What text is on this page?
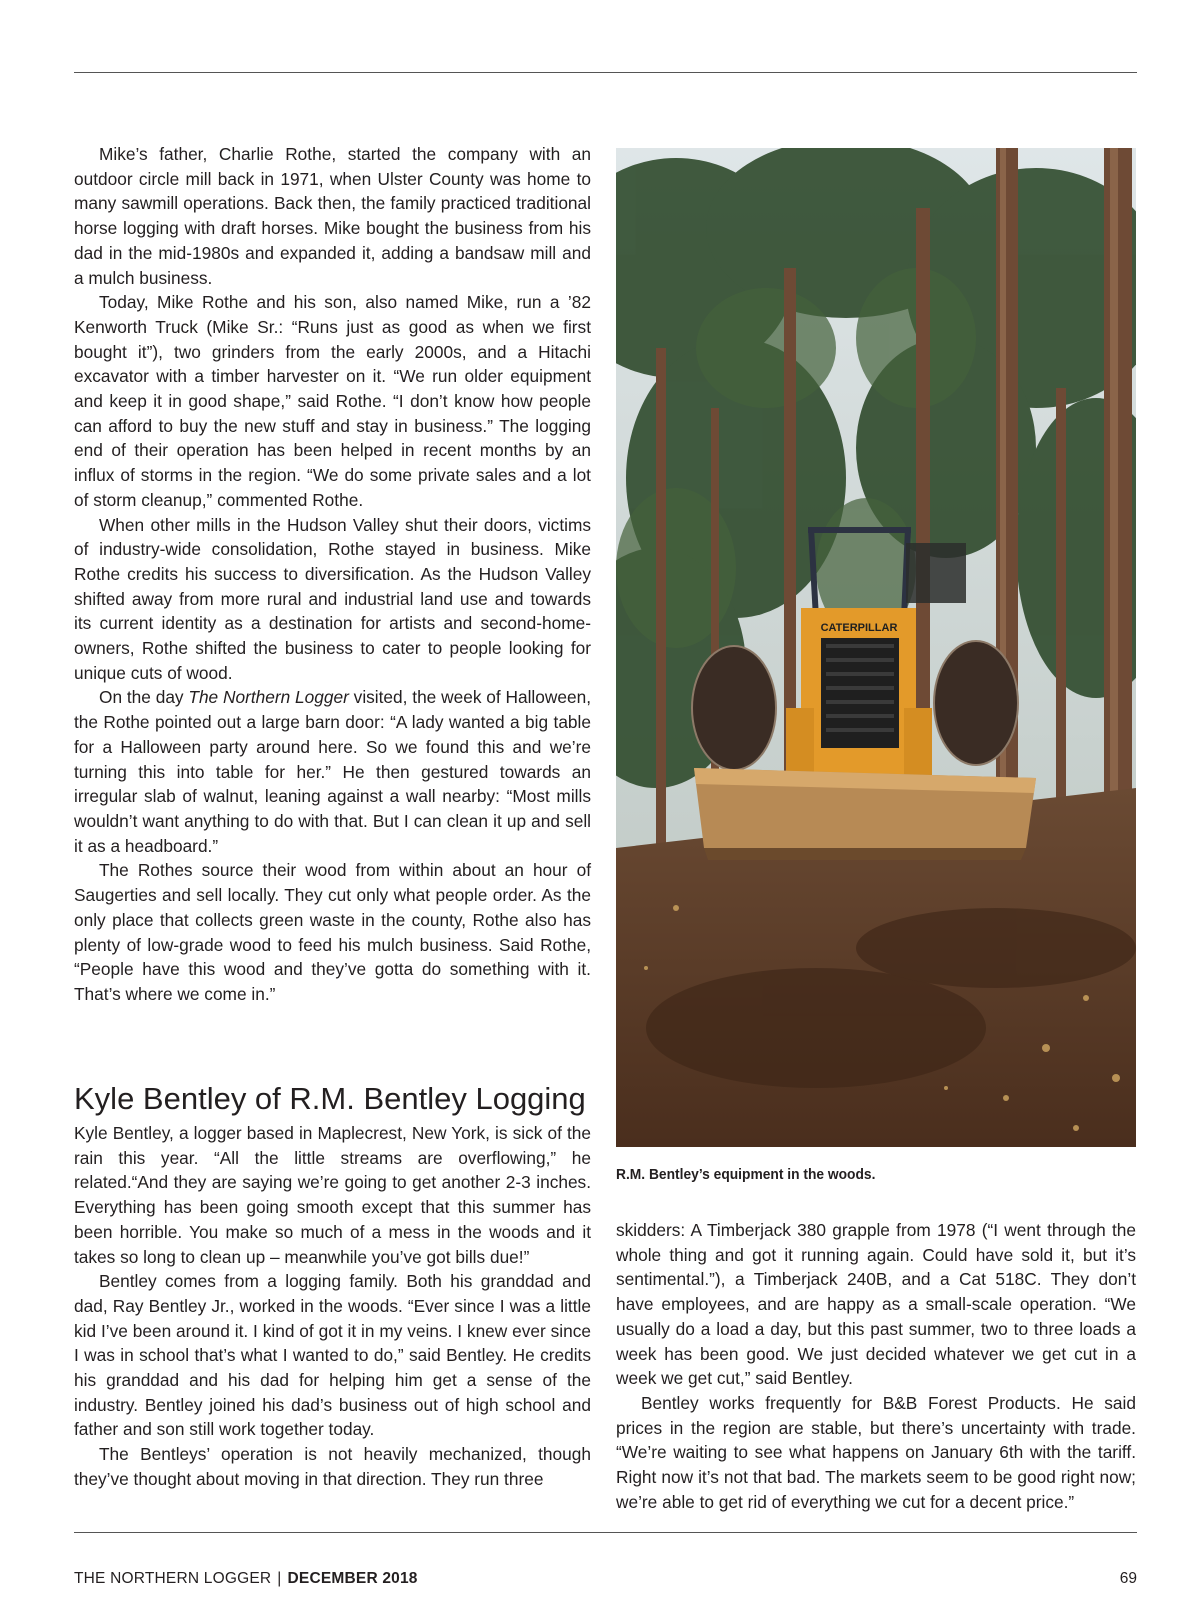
Mike’s father, Charlie Rothe, started the company with an outdoor circle mill back in 1971, when Ulster County was home to many sawmill operations. Back then, the family practiced traditional horse logging with draft horses. Mike bought the business from his dad in the mid-1980s and expanded it, adding a bandsaw mill and a mulch business.

Today, Mike Rothe and his son, also named Mike, run a ’82 Kenworth Truck (Mike Sr.: “Runs just as good as when we first bought it”), two grinders from the early 2000s, and a Hitachi excavator with a timber harvester on it. “We run older equipment and keep it in good shape,” said Rothe. “I don’t know how people can afford to buy the new stuff and stay in business.” The logging end of their operation has been helped in recent months by an influx of storms in the region. “We do some private sales and a lot of storm cleanup,” commented Rothe.

When other mills in the Hudson Valley shut their doors, victims of industry-wide consolidation, Rothe stayed in business. Mike Rothe credits his success to diversification. As the Hudson Valley shifted away from more rural and industrial land use and towards its current identity as a destination for artists and second-home-owners, Rothe shifted the business to cater to people looking for unique cuts of wood.

On the day The Northern Logger visited, the week of Halloween, the Rothe pointed out a large barn door: “A lady wanted a big table for a Halloween party around here. So we found this and we’re turning this into table for her.” He then gestured towards an irregular slab of walnut, leaning against a wall nearby: “Most mills wouldn’t want anything to do with that. But I can clean it up and sell it as a headboard.”

The Rothes source their wood from within about an hour of Saugerties and sell locally. They cut only what people order. As the only place that collects green waste in the county, Rothe also has plenty of low-grade wood to feed his mulch business. Said Rothe, “People have this wood and they’ve gotta do something with it. That’s where we come in.”

Kyle Bentley of R.M. Bentley Logging

Kyle Bentley, a logger based in Maplecrest, New York, is sick of the rain this year. “All the little streams are overflowing,” he related.“And they are saying we’re going to get another 2-3 inches. Everything has been going smooth except that this summer has been horrible. You make so much of a mess in the woods and it takes so long to clean up – meanwhile you’ve got bills due!”

Bentley comes from a logging family. Both his granddad and dad, Ray Bentley Jr., worked in the woods. “Ever since I was a little kid I’ve been around it. I kind of got it in my veins. I knew ever since I was in school that’s what I wanted to do,” said Bentley. He credits his granddad and his dad for helping him get a sense of the industry. Bentley joined his dad’s business out of high school and father and son still work together today.

The Bentleys’ operation is not heavily mechanized, though they’ve thought about moving in that direction. They run three

CATERPILLAR
R.M. Bentley’s equipment in the woods.

skidders: A Timberjack 380 grapple from 1978 (“I went through the whole thing and got it running again. Could have sold it, but it’s sentimental.”), a Timberjack 240B, and a Cat 518C. They don’t have employees, and are happy as a small-scale operation. “We usually do a load a day, but this past summer, two to three loads a week has been good. We just decided whatever we get cut in a week we get cut,” said Bentley.

Bentley works frequently for B&B Forest Products. He said prices in the region are stable, but there’s uncertainty with trade. “We’re waiting to see what happens on January 6th with the tariff. Right now it’s not that bad. The markets seem to be good right now; we’re able to get rid of everything we cut for a decent price.”

THE NORTHERN LOGGER | DECEMBER 2018	69
